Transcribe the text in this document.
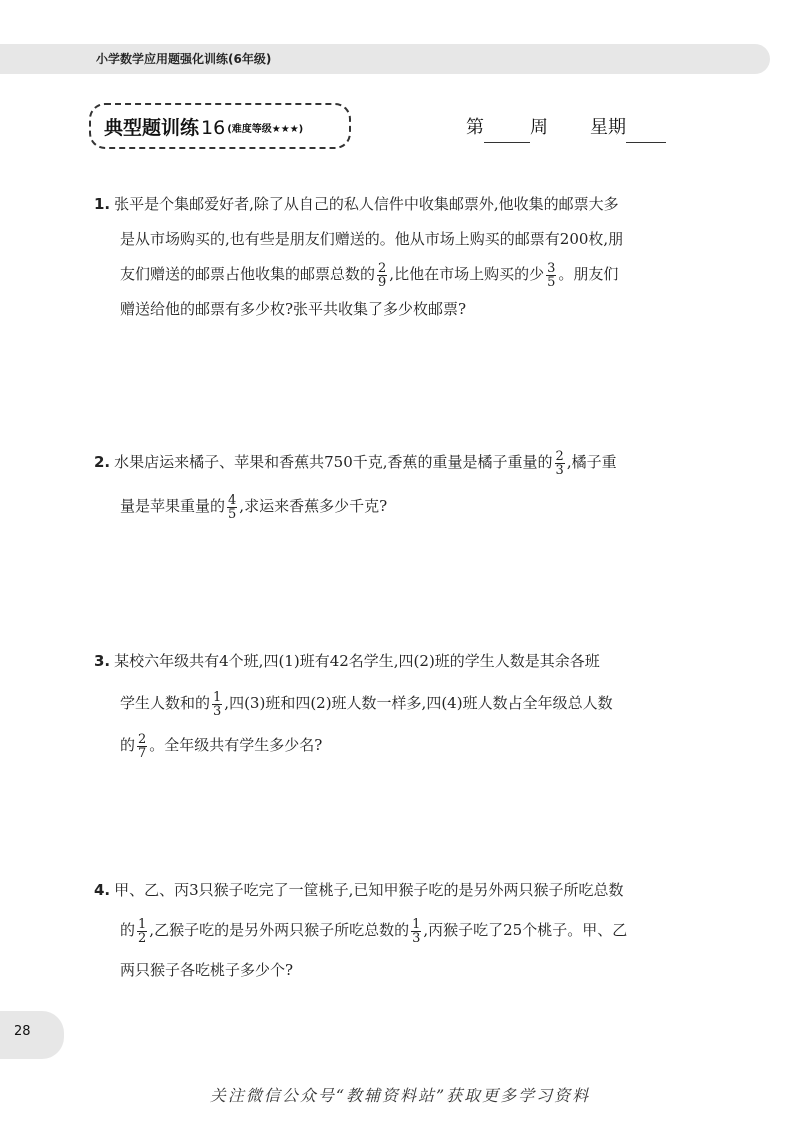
小学数学应用题强化训练(6年级)
典型题训练 16 (难度等级★★★)	第	周 星期
1. 张平是个集邮爱好者,除了从自己的私人信件中收集邮票外,他收集的邮票大多
是从市场购买的,也有些是朋友们赠送的。他从市场上购买的邮票有200枚,朋
友们赠送的邮票占他收集的邮票总数的 $\frac{2}{9}$ ,比他在市场上购买的少 $\frac{3}{5}$ 。朋友们
赠送给他的邮票有多少枚?张平共收集了多少枚邮票?
2. 水果店运来橘子、苹果和香蕉共750千克,香蕉的重量是橘子重量的 $\frac{2}{3}$ ,橘子重
量是苹果重量的 $\frac{4}{5}$ ,求运来香蕉多少千克?
3. 某校六年级共有4个班,四(1)班有42名学生,四(2)班的学生人数是其余各班
学生人数和的 $\frac{1}{3}$ ,四(3)班和四(2)班人数一样多,四(4)班人数占全年级总人数
的 $\frac{2}{7}$ 。全年级共有学生多少名?
4. 甲、乙、丙3只猴子吃完了一筐桃子,已知甲猴子吃的是另外两只猴子所吃总数
的 $\frac{1}{2}$ ,乙猴子吃的是另外两只猴子所吃总数的 $\frac{1}{3}$ ,丙猴子吃了25个桃子。甲、乙
两只猴子各吃桃子多少个?
28
关注微信公众号“教辅资料站”获取更多学习资料
